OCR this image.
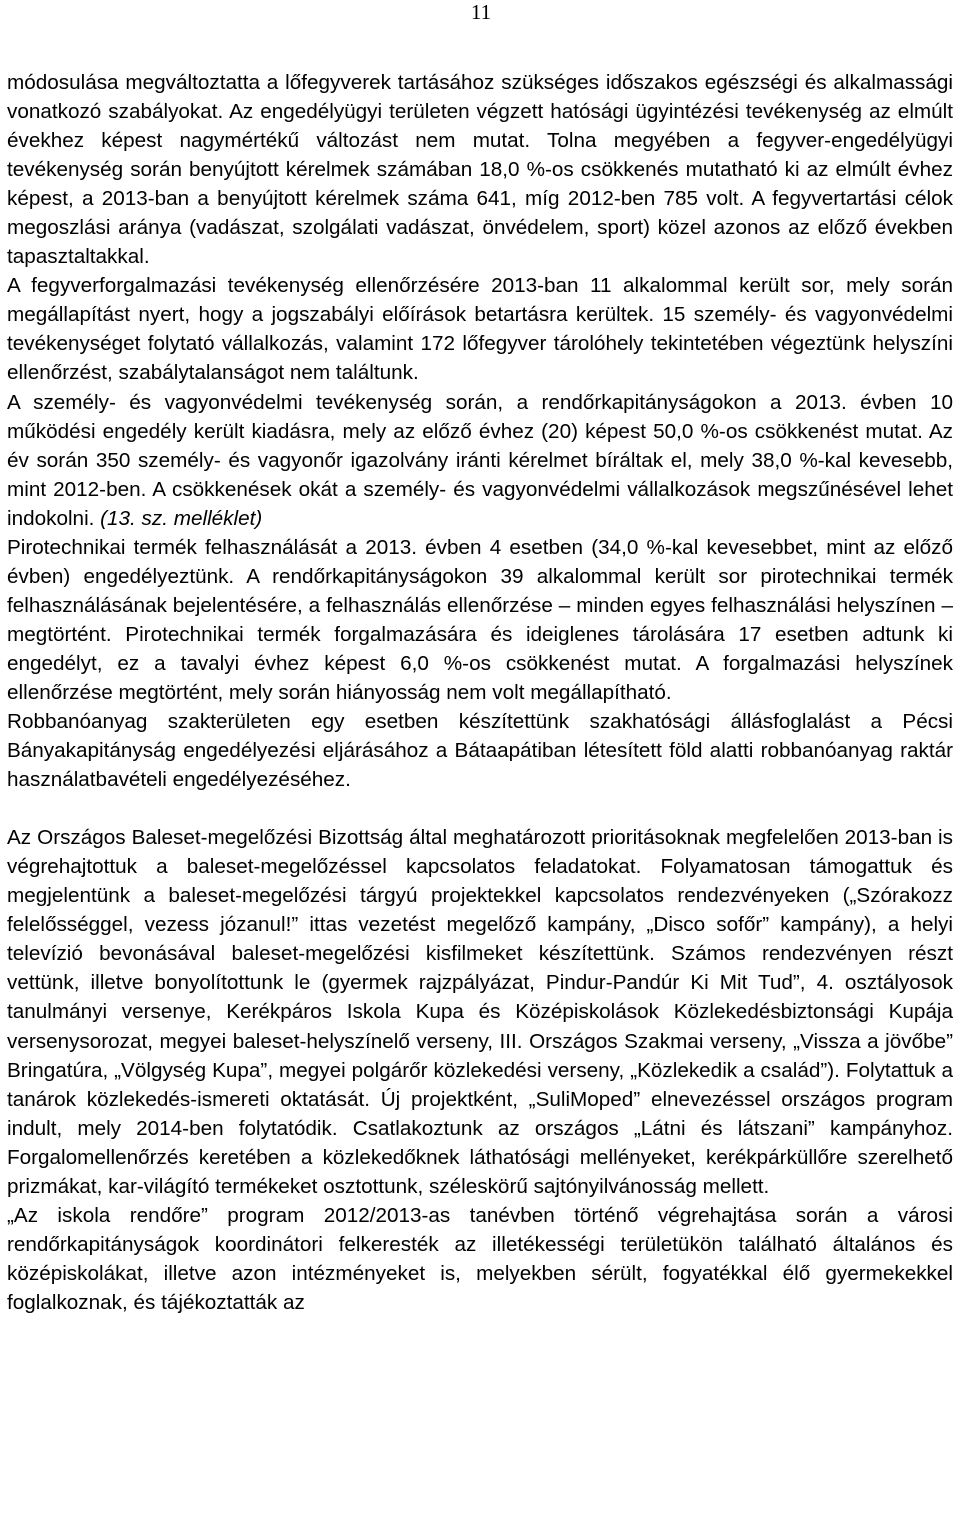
11

módosulása megváltoztatta a lőfegyverek tartásához szükséges időszakos egészségi és alkalmassági vonatkozó szabályokat. Az engedélyügyi területen végzett hatósági ügyintézési tevékenység az elmúlt évekhez képest nagymértékű változást nem mutat. Tolna megyében a fegyver-engedélyügyi tevékenység során benyújtott kérelmek számában 18,0 %-os csökkenés mutatható ki az elmúlt évhez képest, a 2013-ban a benyújtott kérelmek száma 641, míg 2012-ben 785 volt. A fegyvertartási célok megoszlási aránya (vadászat, szolgálati vadászat, önvédelem, sport) közel azonos az előző években tapasztaltakkal.

A fegyverforgalmazási tevékenység ellenőrzésére 2013-ban 11 alkalommal került sor, mely során megállapítást nyert, hogy a jogszabályi előírások betartásra kerültek. 15 személy- és vagyonvédelmi tevékenységet folytató vállalkozás, valamint 172 lőfegyver tárolóhely tekintetében végeztünk helyszíni ellenőrzést, szabálytalanságot nem találtunk.

A személy- és vagyonvédelmi tevékenység során, a rendőrkapitányságokon a 2013. évben 10 működési engedély került kiadásra, mely az előző évhez (20) képest 50,0 %-os csökkenést mutat. Az év során 350 személy- és vagyonőr igazolvány iránti kérelmet bíráltak el, mely 38,0 %-kal kevesebb, mint 2012-ben. A csökkenések okát a személy- és vagyonvédelmi vállalkozások megszűnésével lehet indokolni. (13. sz. melléklet)

Pirotechnikai termék felhasználását a 2013. évben 4 esetben (34,0 %-kal kevesebbet, mint az előző évben) engedélyeztünk. A rendőrkapitányságokon 39 alkalommal került sor pirotechnikai termék felhasználásának bejelentésére, a felhasználás ellenőrzése – minden egyes felhasználási helyszínen – megtörtént. Pirotechnikai termék forgalmazására és ideiglenes tárolására 17 esetben adtunk ki engedélyt, ez a tavalyi évhez képest 6,0 %-os csökkenést mutat. A forgalmazási helyszínek ellenőrzése megtörtént, mely során hiányosság nem volt megállapítható.

Robbanóanyag szakterületen egy esetben készítettünk szakhatósági állásfoglalást a Pécsi Bányakapitányság engedélyezési eljárásához a Bátaapátiban létesített föld alatti robbanóanyag raktár használatbavételi engedélyezéséhez.

Az Országos Baleset-megelőzési Bizottság által meghatározott prioritásoknak megfelelően 2013-ban is végrehajtottuk a baleset-megelőzéssel kapcsolatos feladatokat. Folyamatosan támogattuk és megjelentünk a baleset-megelőzési tárgyú projektekkel kapcsolatos rendezvényeken („Szórakozz felelősséggel, vezess józanul!” ittas vezetést megelőző kampány, „Disco sofőr” kampány), a helyi televízió bevonásával baleset-megelőzési kisfilmeket készítettünk. Számos rendezvényen részt vettünk, illetve bonyolítottunk le (gyermek rajzpályázat, Pindur-Pandúr Ki Mit Tud”, 4. osztályosok tanulmányi versenye, Kerékpáros Iskola Kupa és Középiskolások Közlekedésbiztonsági Kupája versenysorozat, megyei baleset-helyszínelő verseny, III. Országos Szakmai verseny, „Vissza a jövőbe” Bringatúra, „Völgység Kupa”, megyei polgárőr közlekedési verseny, „Közlekedik a család”). Folytattuk a tanárok közlekedés-ismereti oktatását. Új projektként, „SuliMoped” elnevezéssel országos program indult, mely 2014-ben folytatódik. Csatlakoztunk az országos „Látni és látszani” kampányhoz. Forgalomellenőrzés keretében a közlekedőknek láthatósági mellényeket, kerékpárküllőre szerelhető prizmákat, kar-világító termékeket osztottunk, széleskörű sajtónyilvánosság mellett.

„Az iskola rendőre” program 2012/2013-as tanévben történő végrehajtása során a városi rendőrkapitányságok koordinátori felkeresték az illetékességi területükön található általános és középiskolákat, illetve azon intézményeket is, melyekben sérült, fogyatékkal élő gyermekekkel foglalkoznak, és tájékoztatták az
